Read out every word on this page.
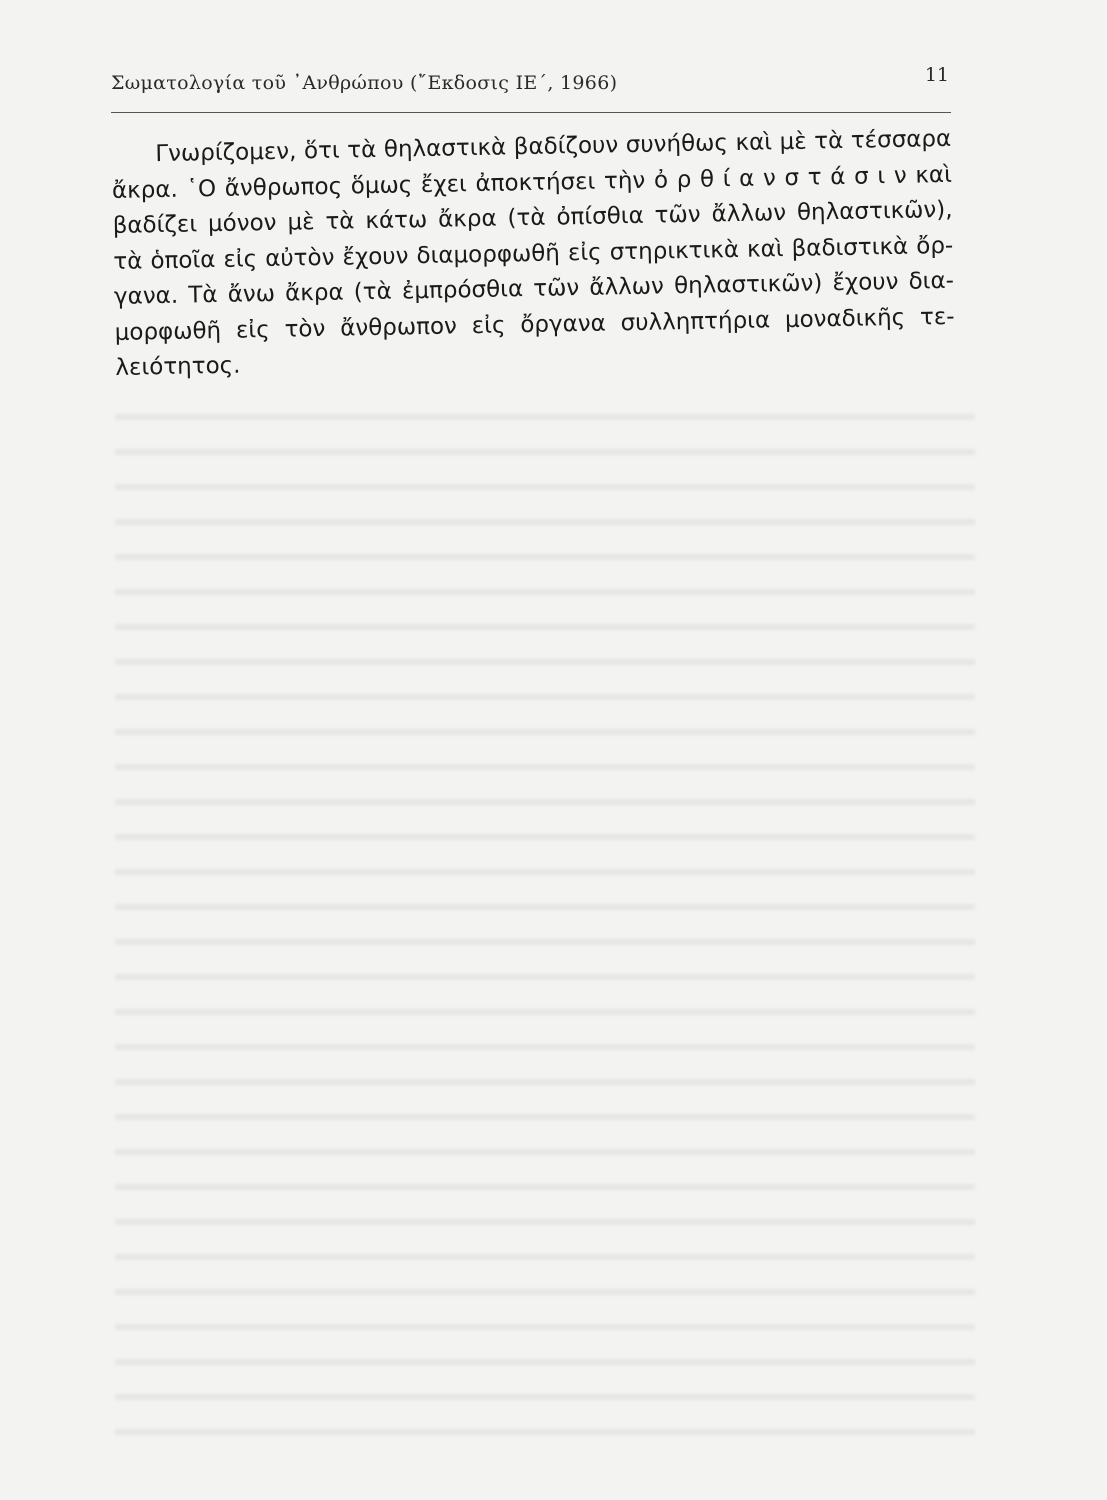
Σωματολογία τοῦ ᾿Ανθρώπου (῎Εκδοσις ΙΕ΄, 1966)	11
Γνωρίζομεν, ὅτι τὰ θηλαστικὰ βαδίζουν συνήθως καὶ μὲ τὰ τέσσαρα
ἄκρα. ῾Ο ἄνθρωπος ὅμως ἔχει ἀποκτήσει τὴν ὀ ρ θ ί α ν σ τ ά σ ι ν καὶ
βαδίζει μόνον μὲ τὰ κάτω ἄκρα (τὰ ὀπίσθια τῶν ἄλλων θηλαστικῶν),
τὰ ὁποῖα εἰς αὐτὸν ἔχουν διαμορφωθῆ εἰς στηρικτικὰ καὶ βαδιστικὰ ὄρ-
γανα. Τὰ ἄνω ἄκρα (τὰ ἐμπρόσθια τῶν ἄλλων θηλαστικῶν) ἔχουν δια-
μορφωθῆ εἰς τὸν ἄνθρωπον εἰς ὄργανα συλληπτήρια μοναδικῆς τε-
λειότητος.
